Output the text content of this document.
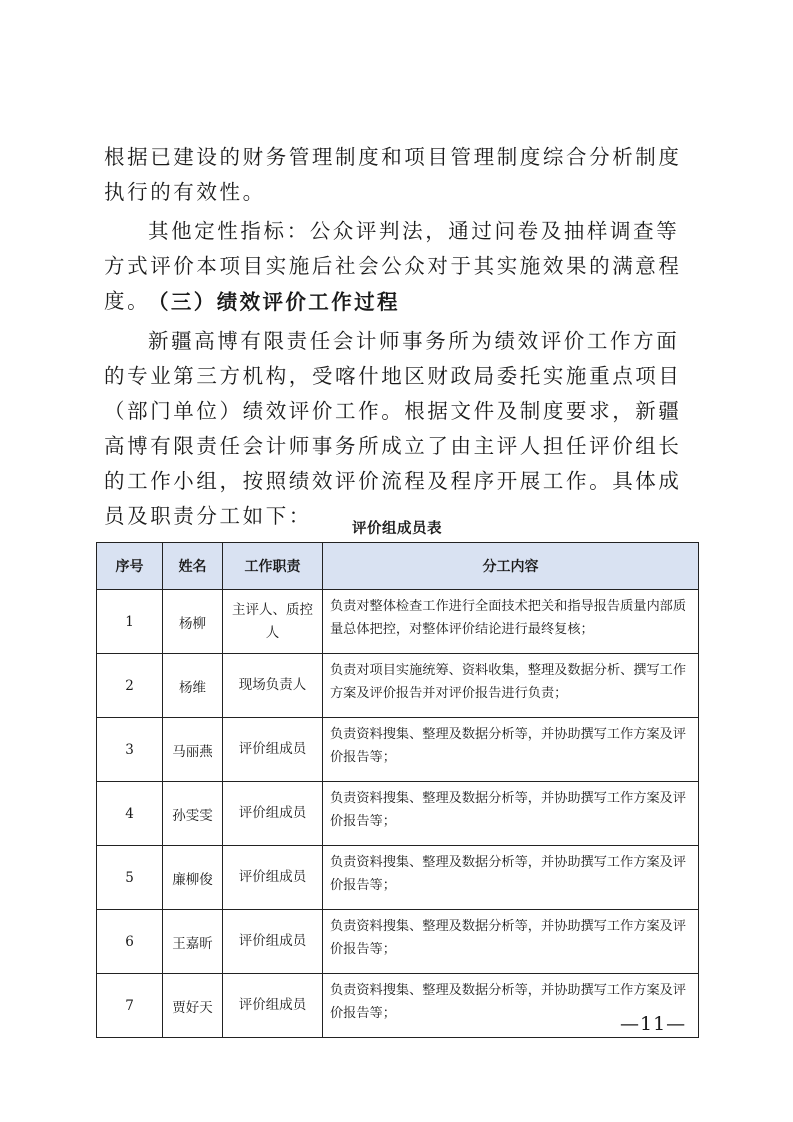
根据已建设的财务管理制度和项目管理制度综合分析制度执行的有效性。

其他定性指标：公众评判法，通过问卷及抽样调查等方式评价本项目实施后社会公众对于其实施效果的满意程度。

（三）绩效评价工作过程

新疆高博有限责任会计师事务所为绩效评价工作方面的专业第三方机构，受喀什地区财政局委托实施重点项目（部门单位）绩效评价工作。根据文件及制度要求，新疆高博有限责任会计师事务所成立了由主评人担任评价组长的工作小组，按照绩效评价流程及程序开展工作。具体成员及职责分工如下：

评价组成员表
序号	姓名	工作职责	分工内容
1	杨柳	主评人、质控人	负责对整体检查工作进行全面技术把关和指导报告质量内部质量总体把控，对整体评价结论进行最终复核；
2	杨维	现场负责人	负责对项目实施统筹、资料收集，整理及数据分析、撰写工作方案及评价报告并对评价报告进行负责；
3	马丽燕	评价组成员	负责资料搜集、整理及数据分析等，并协助撰写工作方案及评价报告等；
4	孙雯雯	评价组成员	负责资料搜集、整理及数据分析等，并协助撰写工作方案及评价报告等；
5	廉柳俊	评价组成员	负责资料搜集、整理及数据分析等，并协助撰写工作方案及评价报告等；
6	王嘉昕	评价组成员	负责资料搜集、整理及数据分析等，并协助撰写工作方案及评价报告等；
7	贾好天	评价组成员	负责资料搜集、整理及数据分析等，并协助撰写工作方案及评价报告等；	—11—
